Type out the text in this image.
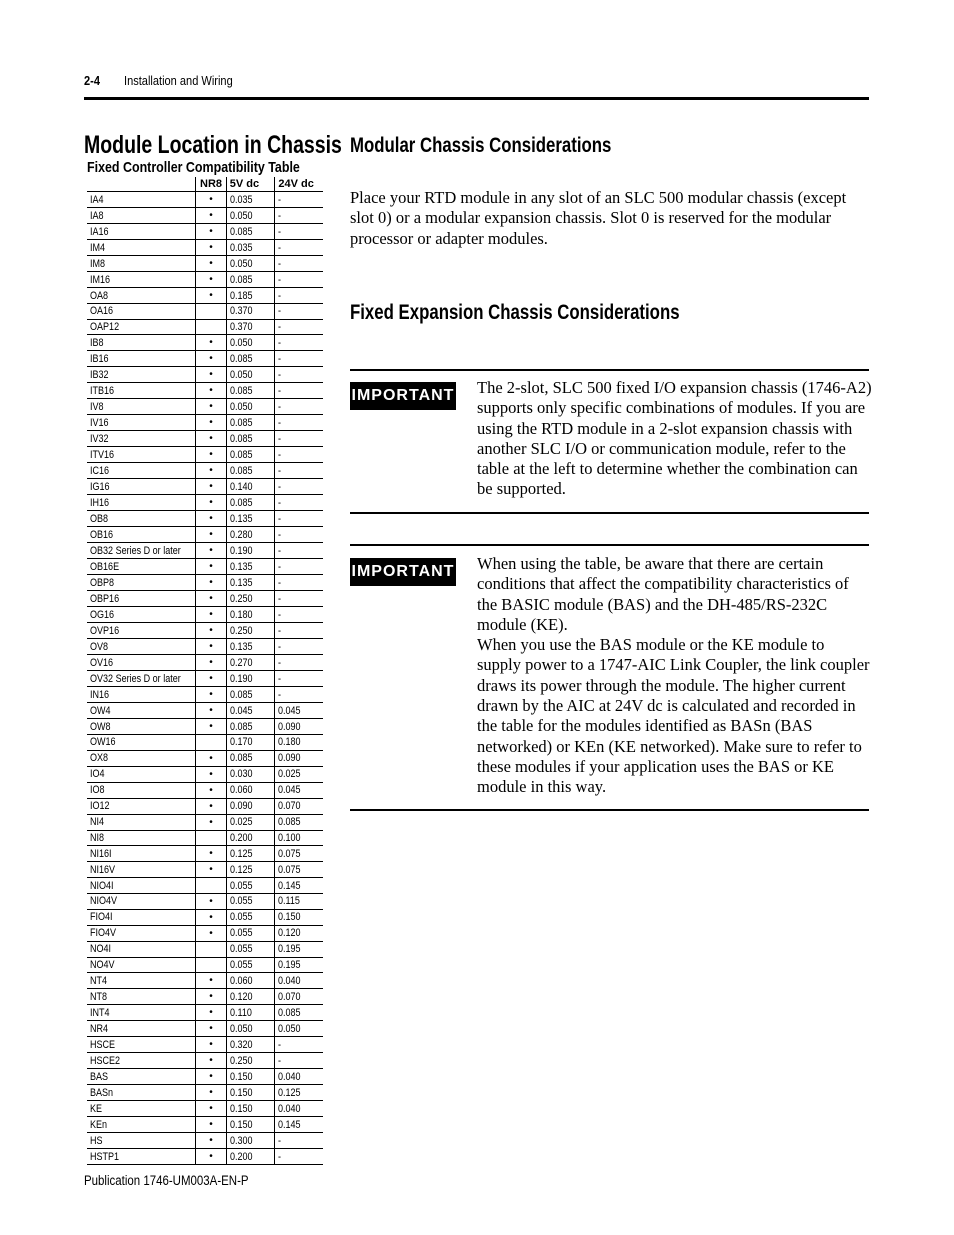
2-4 Installation and Wiring
Module Location in Chassis
Fixed Controller Compatibility Table
	NR8	5V dc	24V dc
IA4	•	0.035	-
IA8	•	0.050	-
IA16	•	0.085	-
IM4	•	0.035	-
IM8	•	0.050	-
IM16	•	0.085	-
OA8	•	0.185	-
OA16		0.370	-
OAP12		0.370	-
IB8	•	0.050	-
IB16	•	0.085	-
IB32	•	0.050	-
ITB16	•	0.085	-
IV8	•	0.050	-
IV16	•	0.085	-
IV32	•	0.085	-
ITV16	•	0.085	-
IC16	•	0.085	-
IG16	•	0.140	-
IH16	•	0.085	-
OB8	•	0.135	-
OB16	•	0.280	-
OB32 Series D or later	•	0.190	-
OB16E	•	0.135	-
OBP8	•	0.135	-
OBP16	•	0.250	-
OG16	•	0.180	-
OVP16	•	0.250	-
OV8	•	0.135	-
OV16	•	0.270	-
OV32 Series D or later	•	0.190	-
IN16	•	0.085	-
OW4	•	0.045	0.045
OW8	•	0.085	0.090
OW16		0.170	0.180
OX8	•	0.085	0.090
IO4	•	0.030	0.025
IO8	•	0.060	0.045
IO12	•	0.090	0.070
NI4	•	0.025	0.085
NI8		0.200	0.100
NI16I	•	0.125	0.075
NI16V	•	0.125	0.075
NIO4I		0.055	0.145
NIO4V	•	0.055	0.115
FIO4I	•	0.055	0.150
FIO4V	•	0.055	0.120
NO4I		0.055	0.195
NO4V		0.055	0.195
NT4	•	0.060	0.040
NT8	•	0.120	0.070
INT4	•	0.110	0.085
NR4	•	0.050	0.050
HSCE	•	0.320	-
HSCE2	•	0.250	-
BAS	•	0.150	0.040
BASn	•	0.150	0.125
KE	•	0.150	0.040
KEn	•	0.150	0.145
HS	•	0.300	-
HSTP1	•	0.200	-
Modular Chassis Considerations
Place your RTD module in any slot of an SLC 500 modular chassis (except slot 0) or a modular expansion chassis. Slot 0 is reserved for the modular processor or adapter modules.
Fixed Expansion Chassis Considerations
IMPORTANT The 2-slot, SLC 500 fixed I/O expansion chassis (1746-A2) supports only specific combinations of modules. If you are using the RTD module in a 2-slot expansion chassis with another SLC I/O or communication module, refer to the table at the left to determine whether the combination can be supported.

IMPORTANT When using the table, be aware that there are certain conditions that affect the compatibility characteristics of the BASIC module (BAS) and the DH-485/RS-232C module (KE).

When you use the BAS module or the KE module to supply power to a 1747-AIC Link Coupler, the link coupler draws its power through the module. The higher current drawn by the AIC at 24V dc is calculated and recorded in the table for the modules identified as BASn (BAS networked) or KEn (KE networked). Make sure to refer to these modules if your application uses the BAS or KE module in this way.

Publication 1746-UM003A-EN-P
